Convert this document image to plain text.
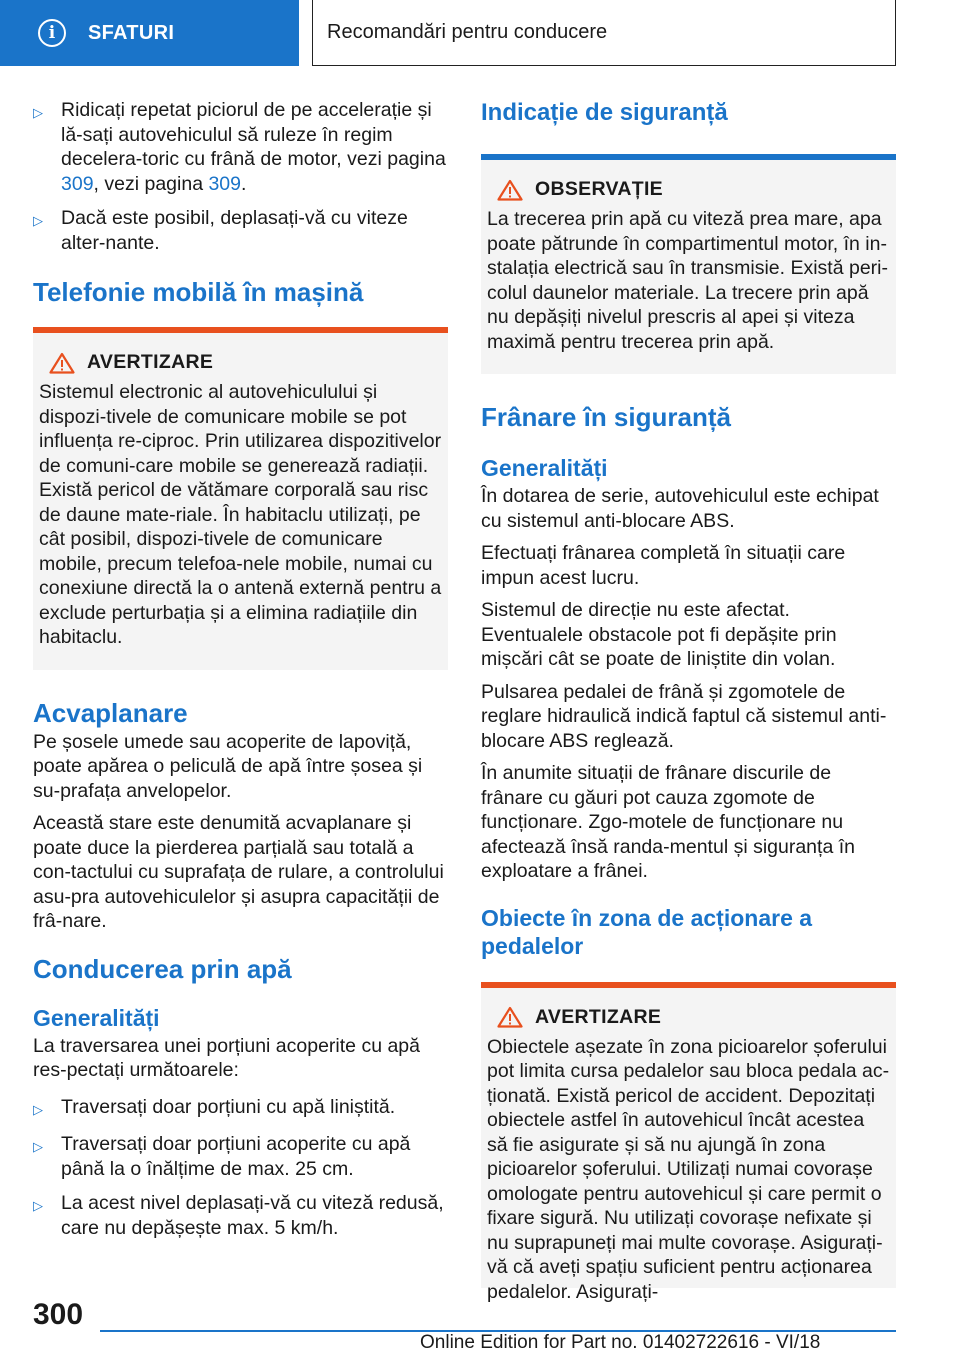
i	SFATURI	Recomandări pentru conducere
▷ Ridicați repetat piciorul de pe accelerație și lă-sați autovehiculul să ruleze în regim decelera-toric cu frână de motor, vezi pagina 309, vezi pagina 309.
▷ Dacă este posibil, deplasați-vă cu viteze alter-nante.
Telefonie mobilă în mașină
AVERTIZARE

Sistemul electronic al autovehiculului și dispozi-tivele de comunicare mobile se pot influența re-ciproc. Prin utilizarea dispozitivelor de comuni-care mobile se generează radiații. Există pericol de vătămare corporală sau risc de daune mate-riale. În habitaclu utilizați, pe cât posibil, dispozi-tivele de comunicare mobile, precum telefoa-nele mobile, numai cu conexiune directă la o antenă externă pentru a exclude perturbația și a elimina radiațiile din habitaclu.

Acvaplanare

Pe șosele umede sau acoperite de lapoviță, poate apărea o peliculă de apă între șosea și su-prafața anvelopelor.

Această stare este denumită acvaplanare și poate duce la pierderea parțială sau totală a con-tactului cu suprafața de rulare, a controlului asu-pra autovehiculelor și asupra capacității de frâ-nare.

Conducerea prin apă
Generalități

La traversarea unei porțiuni acoperite cu apă res-pectați următoarele:

▷ Traversați doar porțiuni cu apă liniștită.
▷ Traversați doar porțiuni acoperite cu apă până la o înălțime de max. 25 cm.
▷ La acest nivel deplasați-vă cu viteză redusă, care nu depășește max. 5 km/h.
Indicație de siguranță
OBSERVAȚIE

La trecerea prin apă cu viteză prea mare, apa poate pătrunde în compartimentul motor, în in-stalația electrică sau în transmisie. Există peri-colul daunelor materiale. La trecere prin apă nu depășiți nivelul prescris al apei și viteza maximă pentru trecerea prin apă.

Frânare în siguranță
Generalități

În dotarea de serie, autovehiculul este echipat cu sistemul anti-blocare ABS.

Efectuați frânarea completă în situații care impun acest lucru.

Sistemul de direcție nu este afectat. Eventualele obstacole pot fi depășite prin mișcări cât se poate de liniștite din volan.

Pulsarea pedalei de frână și zgomotele de reglare hidraulică indică faptul că sistemul anti-blocare ABS reglează.

În anumite situații de frânare discurile de frânare cu găuri pot cauza zgomote de funcționare. Zgo-motele de funcționare nu afectează însă randa-mentul și siguranța în exploatare a frânei.

Obiecte în zona de acționare a pedalelor
AVERTIZARE

Obiectele așezate în zona picioarelor șoferului pot limita cursa pedalelor sau bloca pedala ac-ționată. Există pericol de accident. Depozitați obiectele astfel în autovehicul încât acestea să fie asigurate și să nu ajungă în zona picioarelor șoferului. Utilizați numai covorașe omologate pentru autovehicul și care permit o fixare sigură. Nu utilizați covorașe nefixate și nu suprapuneți mai multe covorașe. Asigurați-vă că aveți spațiu suficient pentru acționarea pedalelor. Asigurați-

300
Online Edition for Part no. 01402722616 - VI/18
